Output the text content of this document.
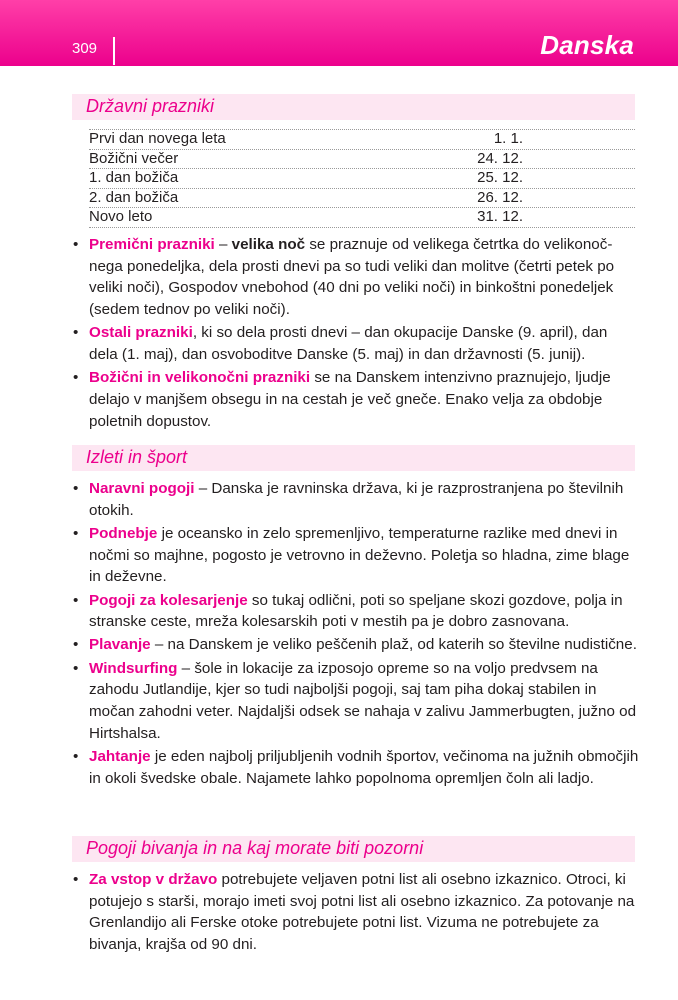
309	Danska
Državni prazniki
Prvi dan novega leta	1. 1.
Božični večer	24. 12.
1. dan božiča	25. 12.
2. dan božiča	26. 12.
Novo leto	31. 12.
• Premični prazniki – velika noč se praznuje od velikega četrtka do velikonoč-nega ponedeljka, dela prosti dnevi pa so tudi veliki dan molitve (četrti petek po veliki noči), Gospodov vnebohod (40 dni po veliki noči) in binkoštni ponedeljek (sedem tednov po veliki noči).
• Ostali prazniki, ki so dela prosti dnevi – dan okupacije Danske (9. april), dan dela (1. maj), dan osvoboditve Danske (5. maj) in dan državnosti (5. junij).
• Božični in velikonočni prazniki se na Danskem intenzivno praznujejo, ljudje delajo v manjšem obsegu in na cestah je več gneče. Enako velja za obdobje poletnih dopustov.
Izleti in šport
• Naravni pogoji – Danska je ravninska država, ki je razprostranjena po številnih otokih.
• Podnebje je oceansko in zelo spremenljivo, temperaturne razlike med dnevi in nočmi so majhne, pogosto je vetrovno in deževno. Poletja so hladna, zime blage in deževne.
• Pogoji za kolesarjenje so tukaj odlični, poti so speljane skozi gozdove, polja in stranske ceste, mreža kolesarskih poti v mestih pa je dobro zasnovana.
• Plavanje – na Danskem je veliko peščenih plaž, od katerih so številne nudistične.
• Windsurfing – šole in lokacije za izposojo opreme so na voljo predvsem na zahodu Jutlandije, kjer so tudi najboljši pogoji, saj tam piha dokaj stabilen in močan zahodni veter. Najdaljši odsek se nahaja v zalivu Jammerbugten, južno od Hirtshalsa.
• Jahtanje je eden najbolj priljubljenih vodnih športov, večinoma na južnih območjih in okoli švedske obale. Najamete lahko popolnoma opremljen čoln ali ladjo.
Pogoji bivanja in na kaj morate biti pozorni
• Za vstop v državo potrebujete veljaven potni list ali osebno izkaznico. Otroci, ki potujejo s starši, morajo imeti svoj potni list ali osebno izkaznico. Za potovanje na Grenlandijo ali Ferske otoke potrebujete potni list. Vizuma ne potrebujete za bivanja, krajša od 90 dni.
